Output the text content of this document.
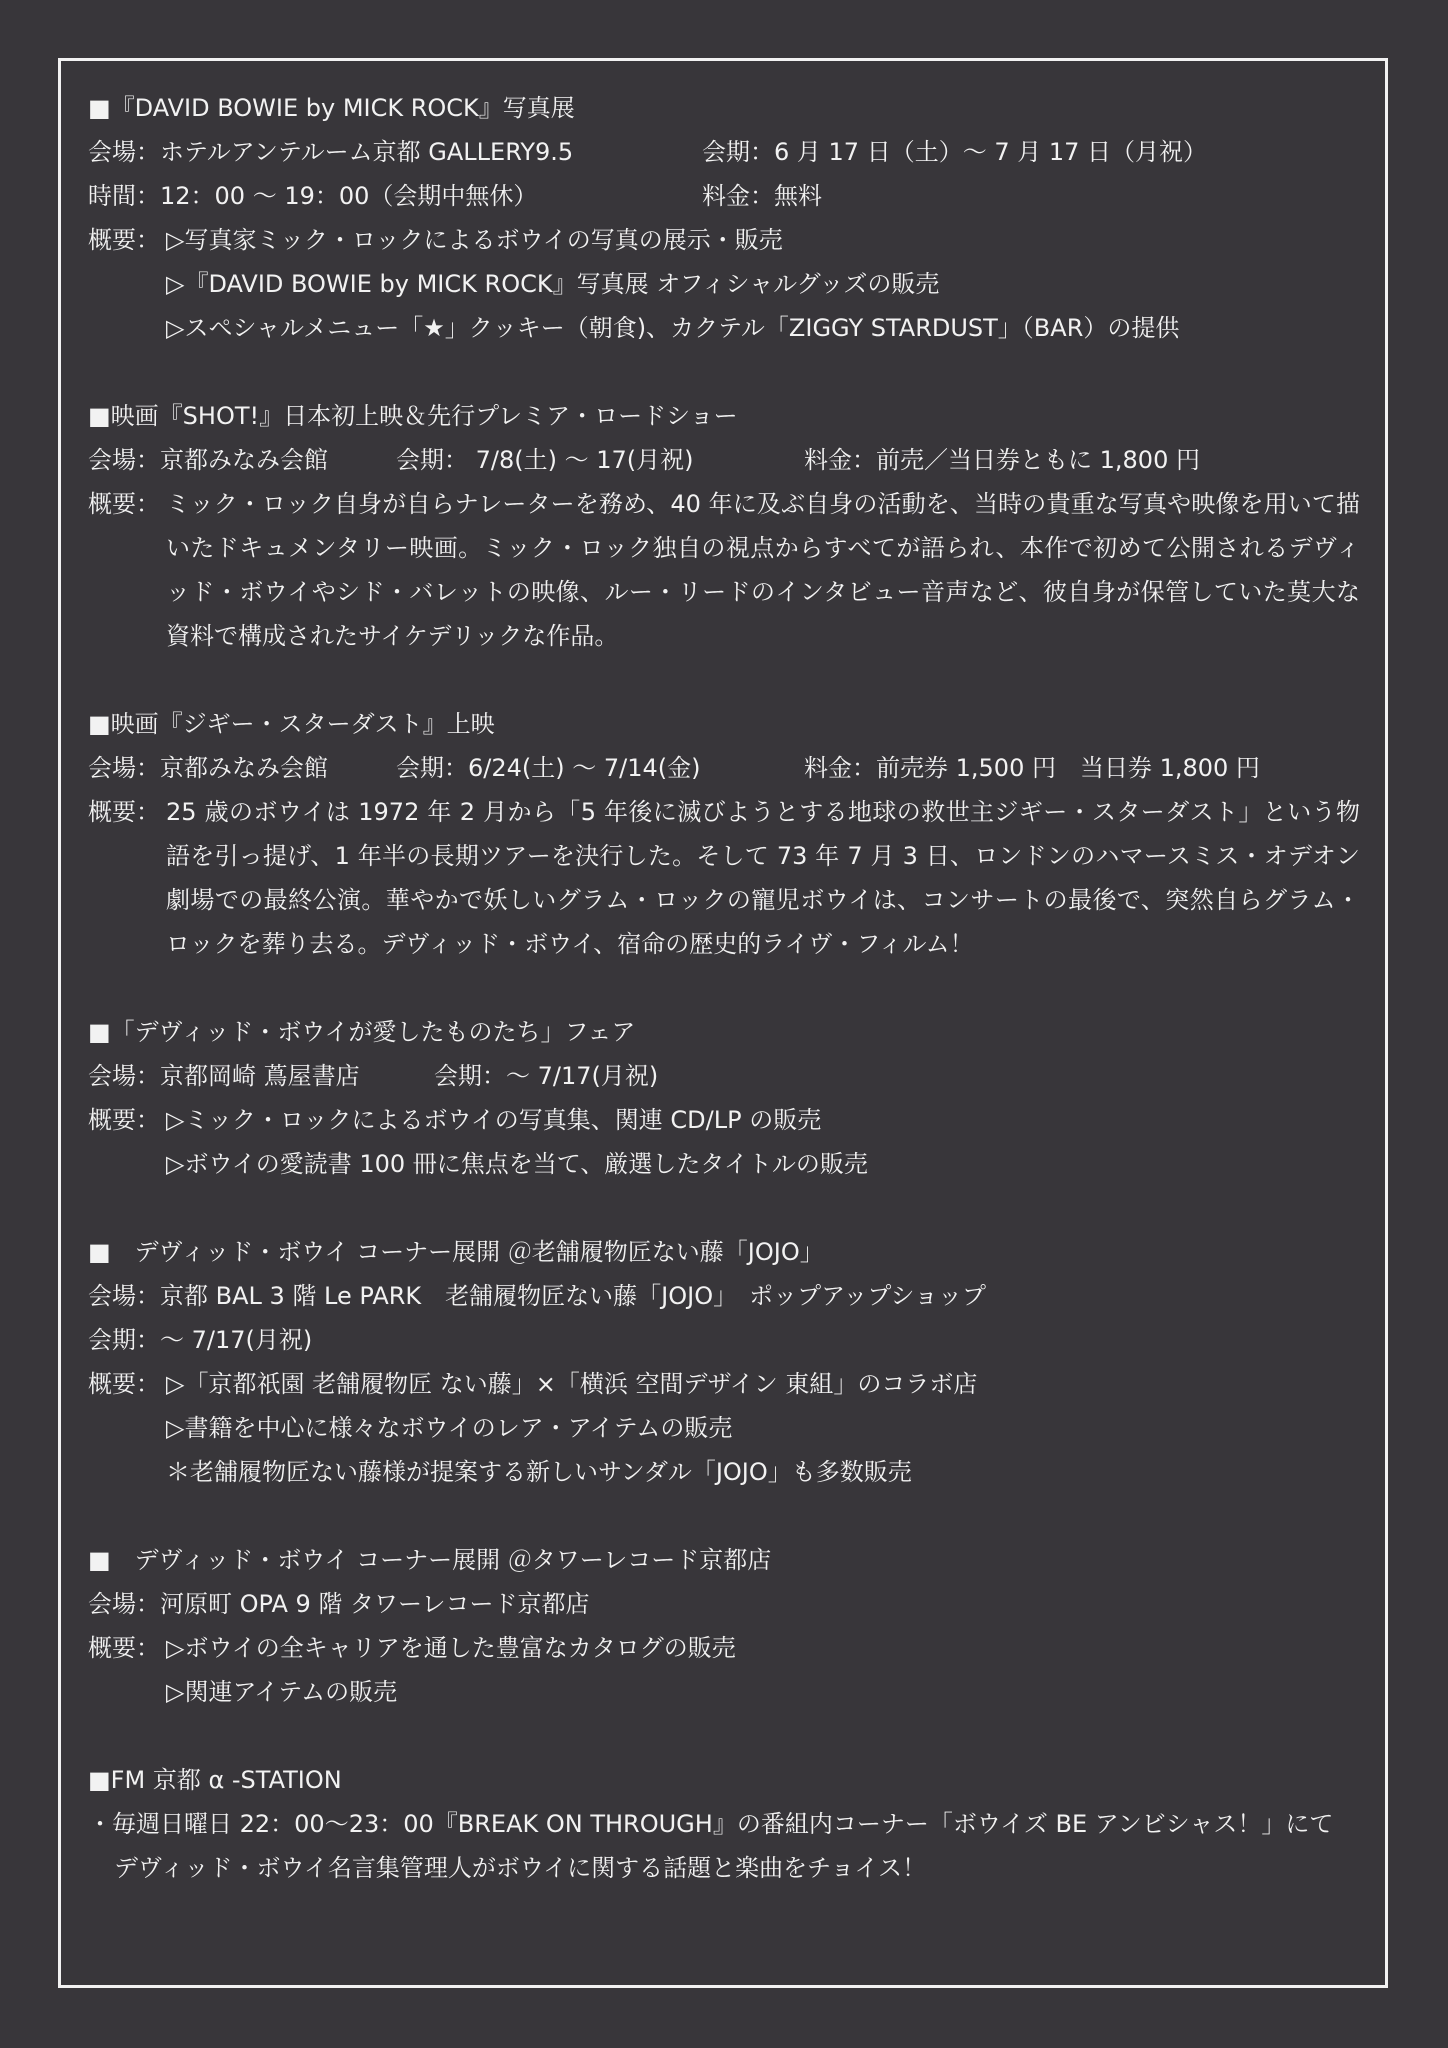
■『DAVID BOWIE by MICK ROCK』写真展
会場：ホテルアンテルーム京都 GALLERY9.5	会期：6 月 17 日（土）～ 7 月 17 日（月祝）
時間：12：00 ～ 19：00（会期中無休）	料金：無料
概要： ▷写真家ミック・ロックによるボウイの写真の展示・販売
▷『DAVID BOWIE by MICK ROCK』写真展 オフィシャルグッズの販売
▷スペシャルメニュー「★」クッキー（朝食)、カクテル「ZIGGY STARDUST」（BAR）の提供
■映画『SHOT!』日本初上映＆先行プレミア・ロードショー
会場：京都みなみ会館	会期： 7/8(土) ～ 17(月祝)	料金：前売／当日券ともに 1,800 円
概要： ミック・ロック自身が自らナレーターを務め、40 年に及ぶ自身の活動を、当時の貴重な写真や映像を用いて描いたドキュメンタリー映画。ミック・ロック独自の視点からすべてが語られ、本作で初めて公開されるデヴィッド・ボウイやシド・バレットの映像、ルー・リードのインタビュー音声など、彼自身が保管していた莫大な資料で構成されたサイケデリックな作品。
■映画『ジギー・スターダスト』上映
会場：京都みなみ会館	会期：6/24(土) ～ 7/14(金)	料金：前売券 1,500 円　当日券 1,800 円
概要： 25 歳のボウイは 1972 年 2 月から「5 年後に滅びようとする地球の救世主ジギー・スターダスト」という物語を引っ提げ、1 年半の長期ツアーを決行した。そして 73 年 7 月 3 日、ロンドンのハマースミス・オデオン劇場での最終公演。華やかで妖しいグラム・ロックの寵児ボウイは、コンサートの最後で、突然自らグラム・ロックを葬り去る。デヴィッド・ボウイ、宿命の歴史的ライヴ・フィルム！
■「デヴィッド・ボウイが愛したものたち」フェア
会場：京都岡崎 蔦屋書店	会期：～ 7/17(月祝)
概要： ▷ミック・ロックによるボウイの写真集、関連 CD/LP の販売
▷ボウイの愛読書 100 冊に焦点を当て、厳選したタイトルの販売
■　デヴィッド・ボウイ コーナー展開 ＠老舗履物匠ない藤「JOJO」
会場：京都 BAL 3 階 Le PARK　老舗履物匠ない藤「JOJO」　ポップアップショップ
会期：～ 7/17(月祝)
概要： ▷「京都祇園 老舗履物匠 ない藤」×「横浜 空間デザイン 東組」のコラボ店
▷書籍を中心に様々なボウイのレア・アイテムの販売
＊老舗履物匠ない藤様が提案する新しいサンダル「JOJO」も多数販売
■　デヴィッド・ボウイ コーナー展開 ＠タワーレコード京都店
会場：河原町 OPA 9 階 タワーレコード京都店
概要： ▷ボウイの全キャリアを通した豊富なカタログの販売
▷関連アイテムの販売
■FM 京都 α -STATION
・毎週日曜日 22：00～23：00『BREAK ON THROUGH』の番組内コーナー「ボウイズ BE アンビシャス！」にて
デヴィッド・ボウイ名言集管理人がボウイに関する話題と楽曲をチョイス！
